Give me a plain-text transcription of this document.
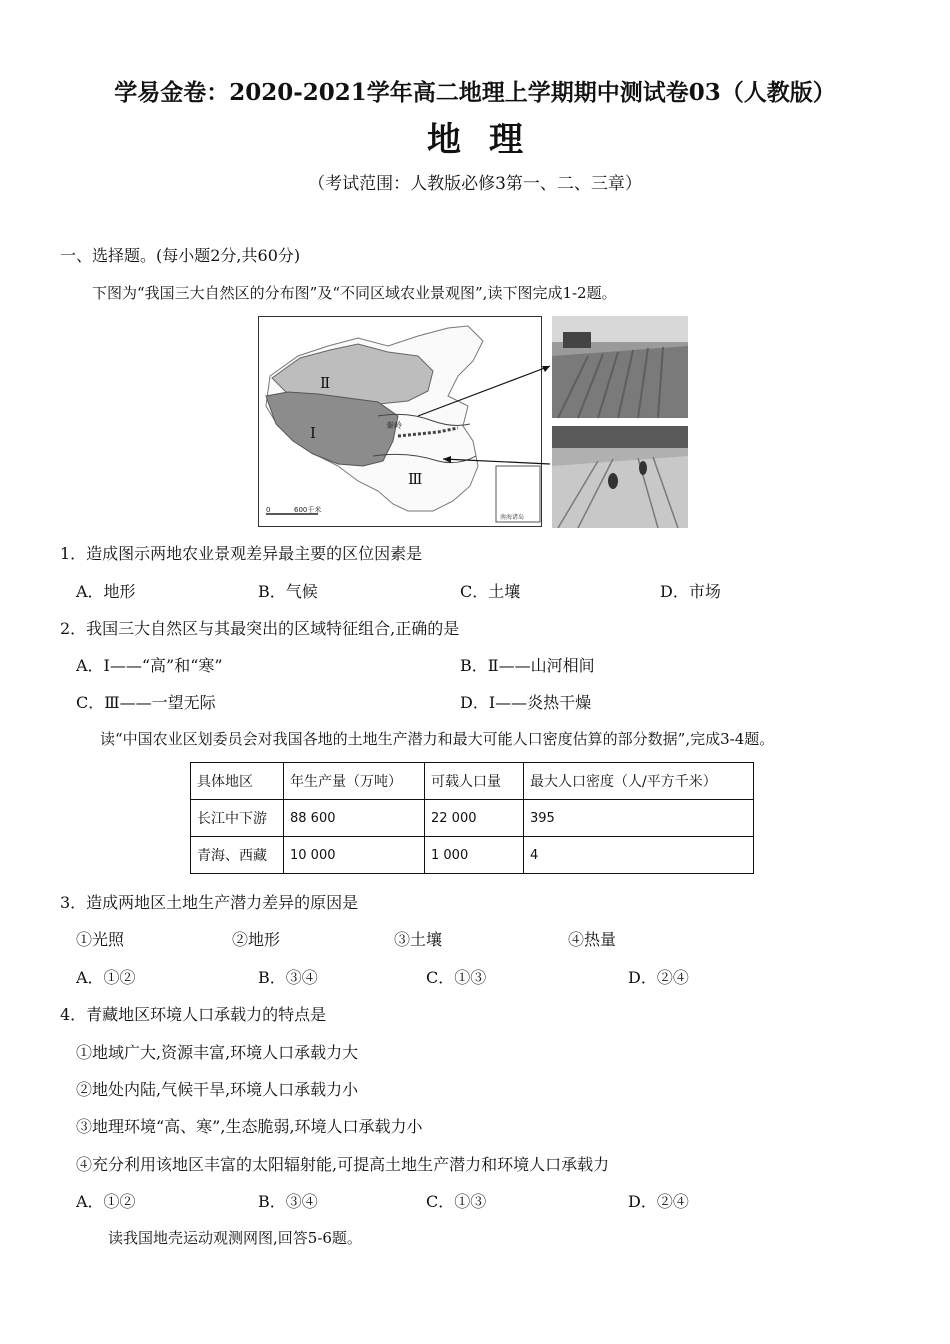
学易金卷：2020-2021学年高二地理上学期期中测试卷03（人教版）
地理
（考试范围：人教版必修3第一、二、三章）
一、选择题。(每小题2分,共60分)
下图为“我国三大自然区的分布图”及“不同区域农业景观图”,读下图完成1-2题。
Ⅱ
Ⅰ
Ⅲ
秦岭
南海诸岛
0	600千米
1．造成图示两地农业景观差异最主要的区位因素是
A．地形	B．气候	C．土壤	D．市场
2．我国三大自然区与其最突出的区域特征组合,正确的是
A．Ⅰ——“高”和“寒”	B．Ⅱ——山河相间
C．Ⅲ——一望无际	D．Ⅰ——炎热干燥
读“中国农业区划委员会对我国各地的土地生产潜力和最大可能人口密度估算的部分数据”,完成3-4题。
具体地区	年生产量（万吨）	可载人口量	最大人口密度（人/平方千米）
长江中下游	88 600	22 000	395
青海、西藏	10 000	1 000	4
3．造成两地区土地生产潜力差异的原因是
①光照	②地形	③土壤	④热量
A．①②	B．③④	C．①③	D．②④
4．青藏地区环境人口承载力的特点是
①地域广大,资源丰富,环境人口承载力大
②地处内陆,气候干旱,环境人口承载力小
③地理环境“高、寒”,生态脆弱,环境人口承载力小
④充分利用该地区丰富的太阳辐射能,可提高土地生产潜力和环境人口承载力
A．①②	B．③④	C．①③	D．②④
读我国地壳运动观测网图,回答5-6题。
